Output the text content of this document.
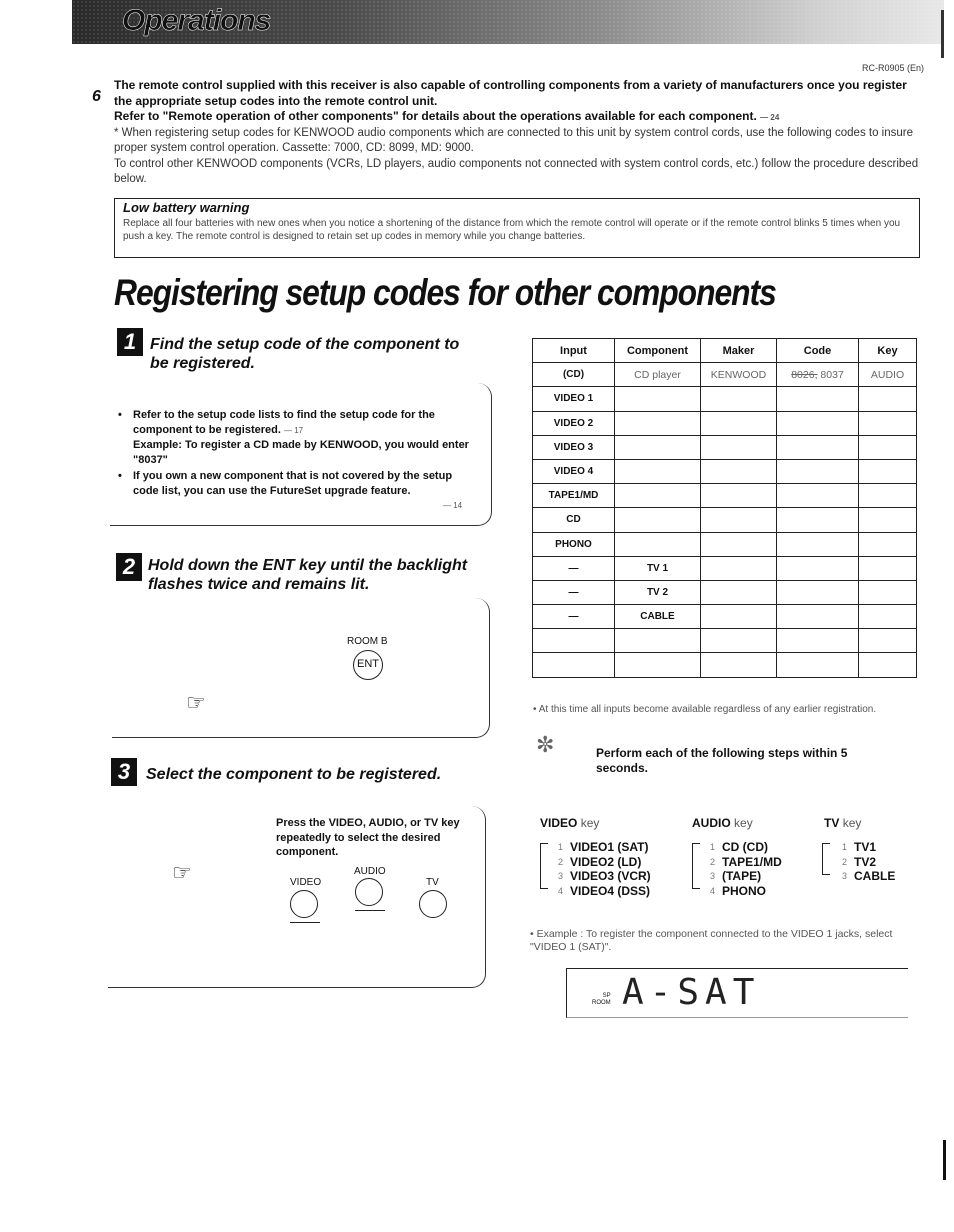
Operations
RC-R0905 (En)
6

The remote control supplied with this receiver is also capable of controlling components from a variety of manufacturers once you register the appropriate setup codes into the remote control unit.

Refer to "Remote operation of other components" for details about the operations available for each component. — 24

* When registering setup codes for KENWOOD audio components which are connected to this unit by system control cords, use the following codes to insure proper system control operation. Cassette: 7000, CD: 8099, MD: 9000.

To control other KENWOOD components (VCRs, LD players, audio components not connected with system control cords, etc.) follow the procedure described below.

Low battery warning
Replace all four batteries with new ones when you notice a shortening of the distance from which the remote control will operate or if the remote control blinks 5 times when you push a key. The remote control is designed to retain set up codes in memory while you change batteries.
Registering setup codes for other components
1 Find the setup code of the component to be registered.
• Refer to the setup code lists to find the setup code for the component to be registered. — 17
Example: To register a CD made by KENWOOD, you would enter "8037"
• If you own a new component that is not covered by the setup code list, you can use the FutureSet upgrade feature.
— 14
2 Hold down the ENT key until the backlight flashes twice and remains lit.
ROOM B
ENT
☞
3 Select the component to be registered.
Press the VIDEO, AUDIO, or TV key repeatedly to select the desired component.
☞	VIDEO
AUDIO
TV
Input	Component	Maker	Code	Key
(CD)	CD player	KENWOOD	8026, 8037	AUDIO
VIDEO 1				
VIDEO 2				
VIDEO 3				
VIDEO 4				
TAPE1/MD				
CD				
PHONO				
—	TV 1			
—	TV 2			
—	CABLE			

• At this time all inputs become available regardless of any earlier registration.
✼	Perform each of the following steps within 5 seconds.
VIDEO key
1 VIDEO1 (SAT)
2 VIDEO2 (LD)
3 VIDEO3 (VCR)
4 VIDEO4 (DSS)
AUDIO key
1 CD (CD)
2 TAPE1/MD
3 (TAPE)
4 PHONO
TV key
1 TV1
2 TV2
3 CABLE
• Example : To register the component connected to the VIDEO 1 jacks, select "VIDEO 1 (SAT)".
SP
ROOM A-SAT
